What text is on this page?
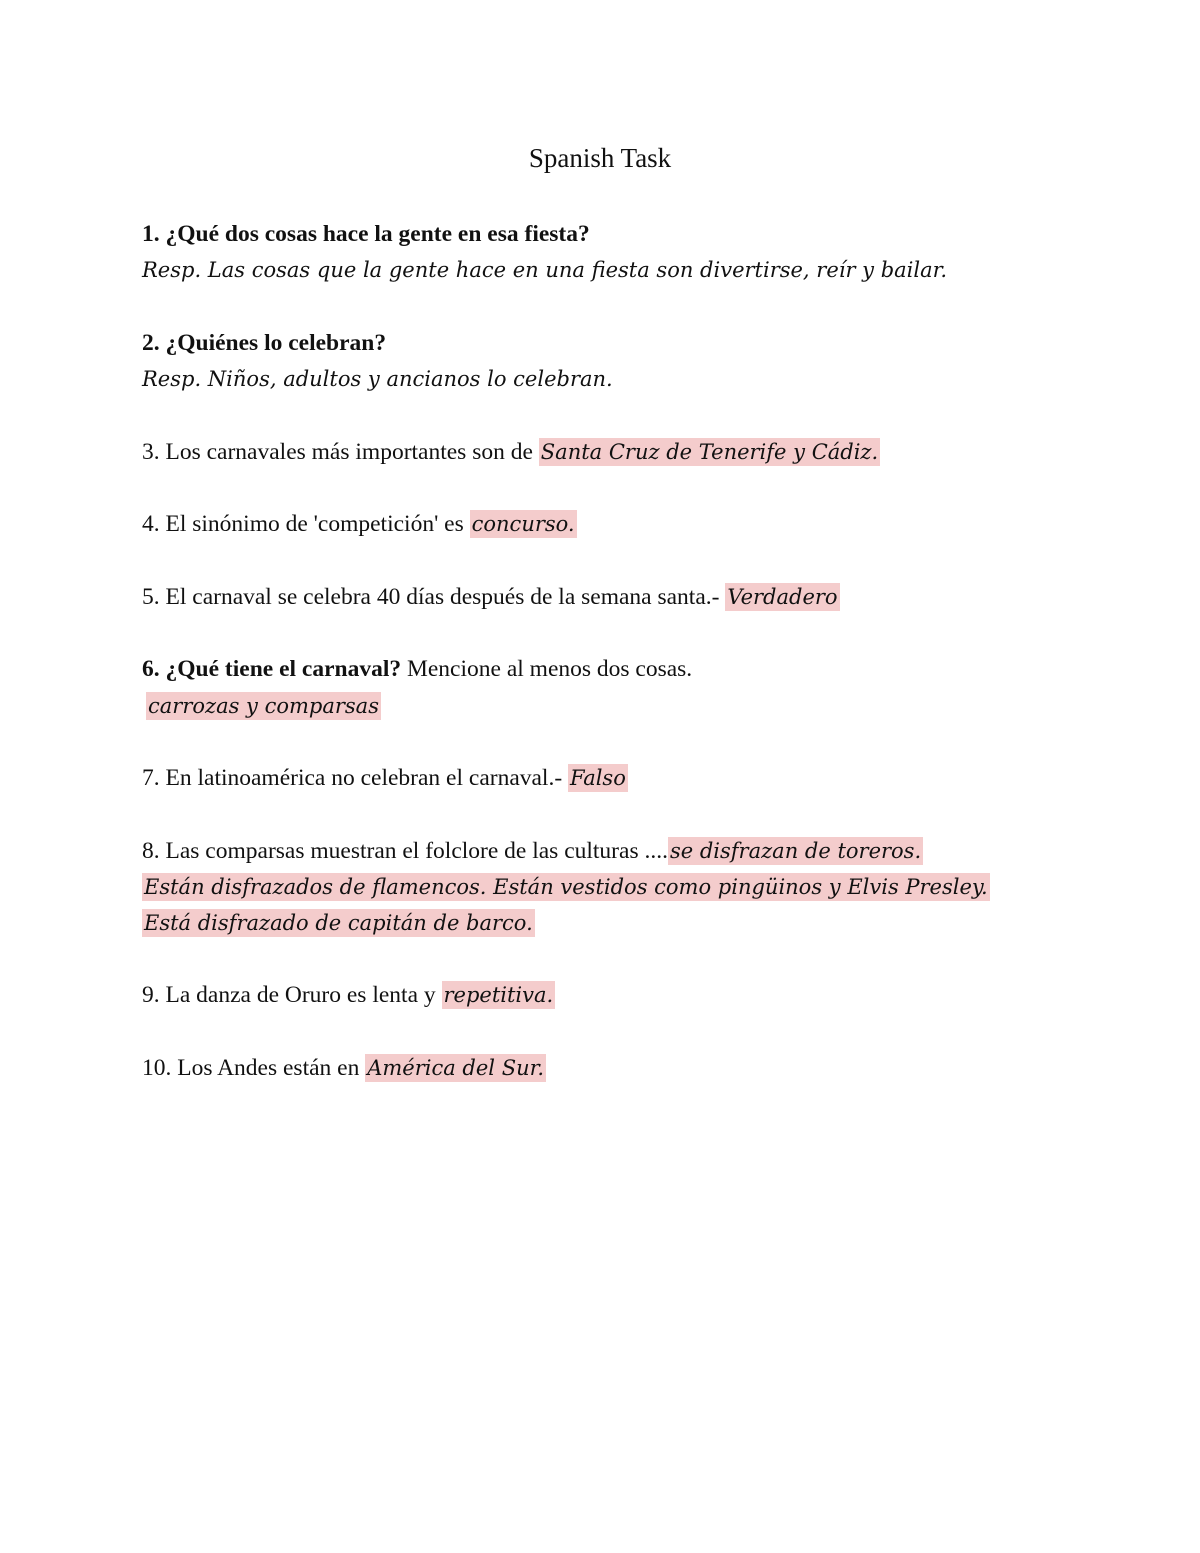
Spanish Task
1. ¿Qué dos cosas hace la gente en esa fiesta?
Resp. Las cosas que la gente hace en una fiesta son divertirse, reír y bailar.
2. ¿Quiénes lo celebran?
Resp. Niños, adultos y ancianos lo celebran.
3. Los carnavales más importantes son de Santa Cruz de Tenerife y Cádiz.
4. El sinónimo de 'competición' es concurso.
5. El carnaval se celebra 40 días después de la semana santa.- Verdadero
6. ¿Qué tiene el carnaval? Mencione al menos dos cosas.
carrozas y comparsas
7. En latinoamérica no celebran el carnaval.- Falso
8. Las comparsas muestran el folclore de las culturas ....se disfrazan de toreros.
Están disfrazados de flamencos. Están vestidos como pingüinos y Elvis Presley.
Está disfrazado de capitán de barco.
9. La danza de Oruro es lenta y repetitiva.
10. Los Andes están en América del Sur.
